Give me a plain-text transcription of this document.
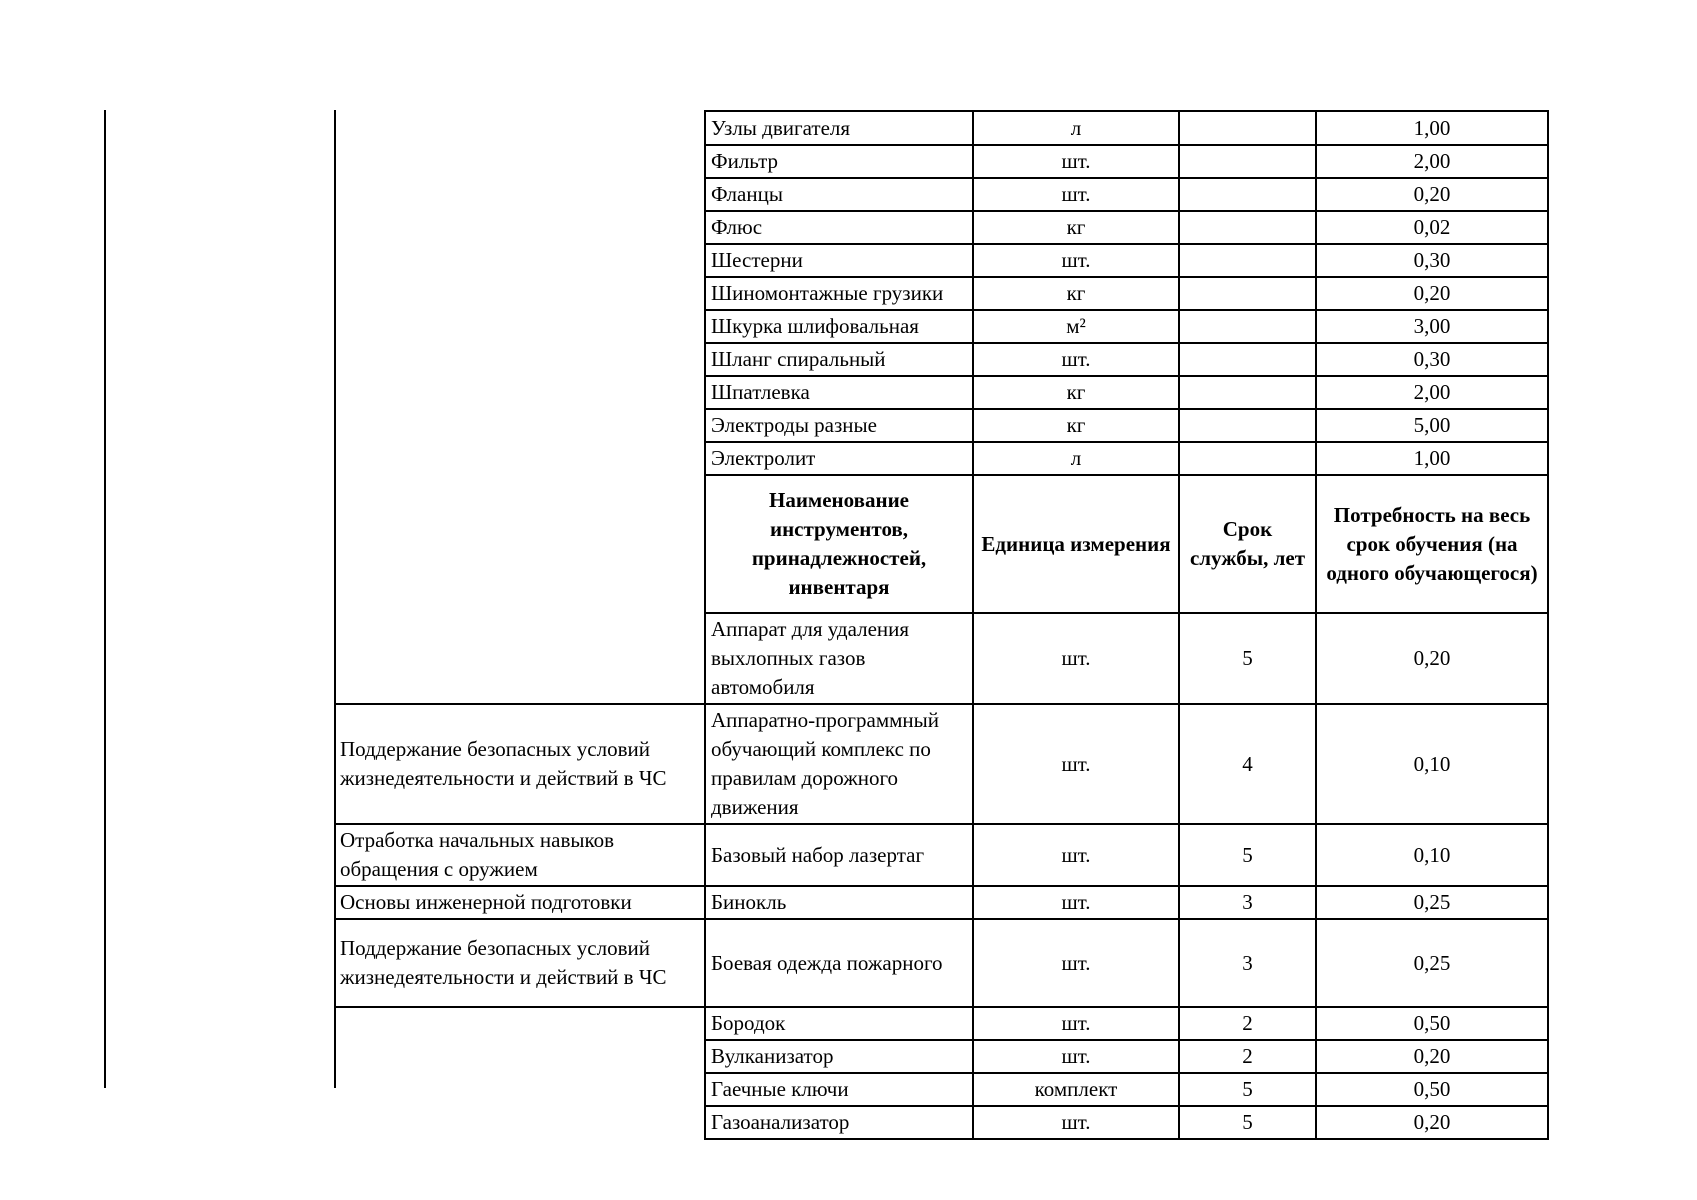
	Узлы двигателя	л		1,00
	Фильтр	шт.		2,00
	Фланцы	шт.		0,20
	Флюс	кг		0,02
	Шестерни	шт.		0,30
	Шиномонтажные грузики	кг		0,20
	Шкурка шлифовальная	м²		3,00
	Шланг спиральный	шт.		0,30
	Шпатлевка	кг		2,00
	Электроды разные	кг		5,00
	Электролит	л		1,00
	Наименование инструментов, принадлежностей, инвентаря	Единица измерения	Срок службы, лет	Потребность на весь срок обучения (на одного обучающегося)
	Аппарат для удаления выхлопных газов автомобиля	шт.	5	0,20
Поддержание безопасных условий жизнедеятельности и действий в ЧС	Аппаратно-программный обучающий комплекс по правилам дорожного движения	шт.	4	0,10
Отработка начальных навыков обращения с оружием	Базовый набор лазертаг	шт.	5	0,10
Основы инженерной подготовки	Бинокль	шт.	3	0,25
Поддержание безопасных условий жизнедеятельности и действий в ЧС	Боевая одежда пожарного	шт.	3	0,25
	Бородок	шт.	2	0,50
	Вулканизатор	шт.	2	0,20
	Гаечные ключи	комплект	5	0,50
	Газоанализатор	шт.	5	0,20
